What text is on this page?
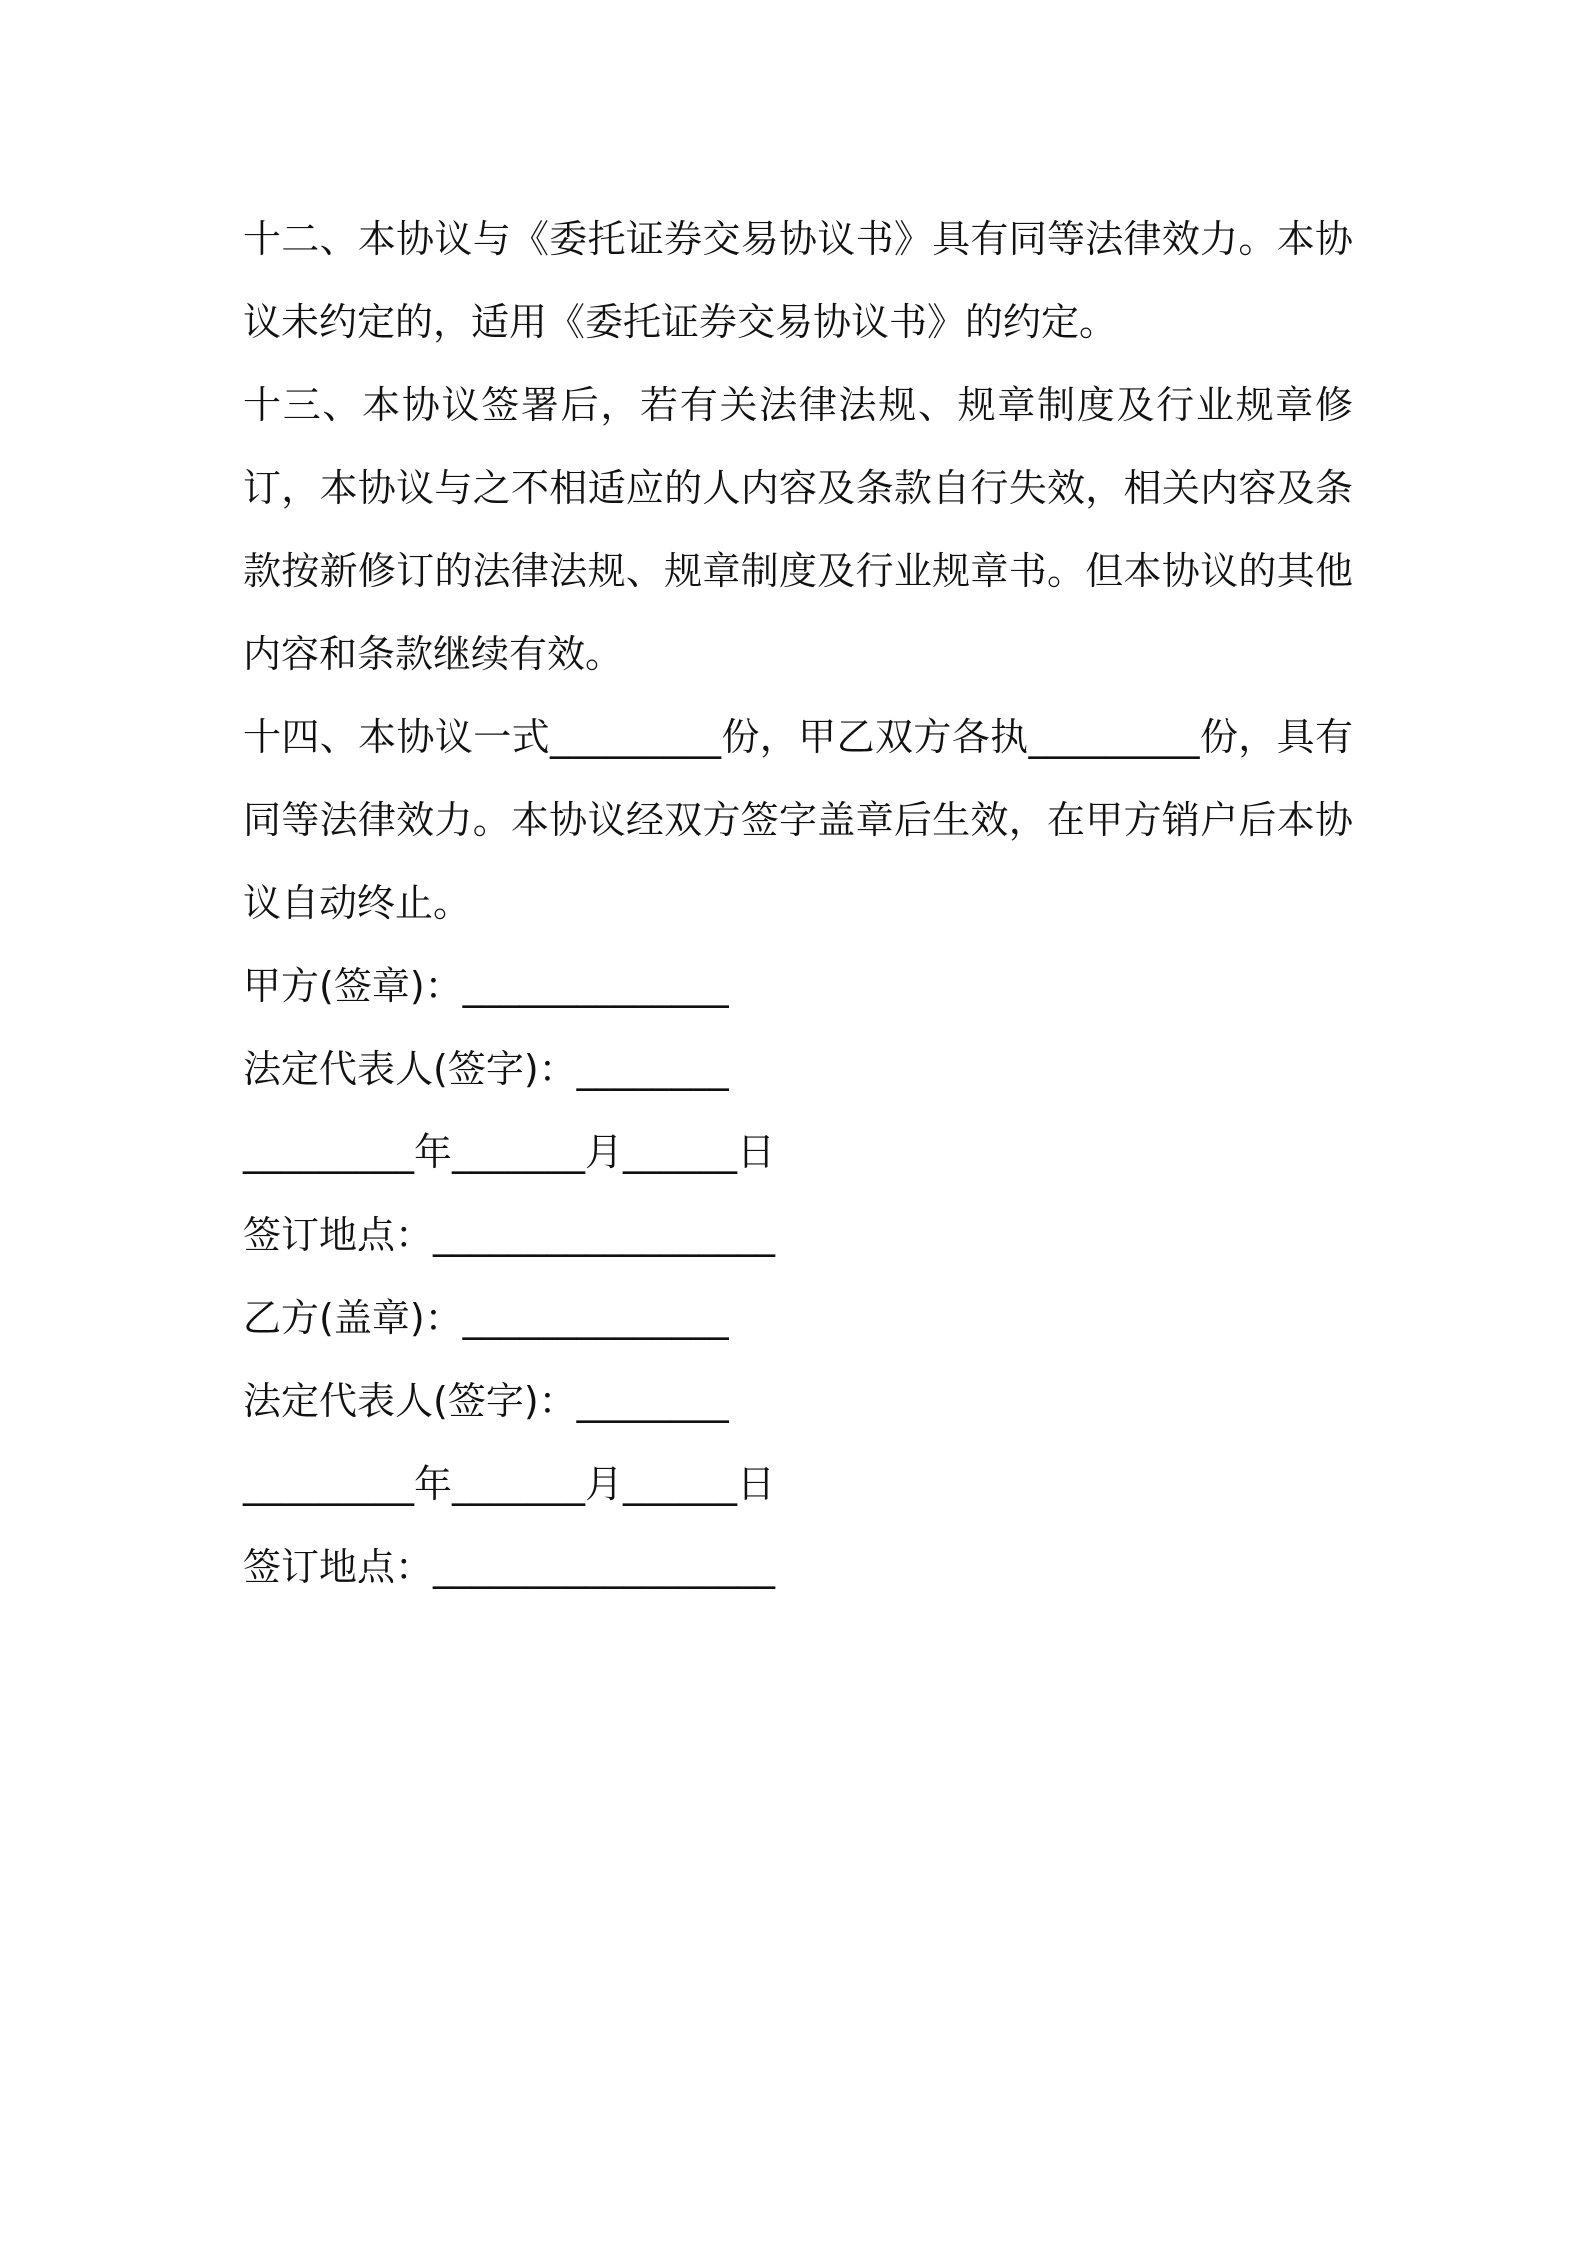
十二、本协议与《委托证券交易协议书》具有同等法律效力。本协议未约定的，适用《委托证券交易协议书》的约定。

十三、本协议签署后，若有关法律法规、规章制度及行业规章修订，本协议与之不相适应的人内容及条款自行失效，相关内容及条款按新修订的法律法规、规章制度及行业规章书。但本协议的其他内容和条款继续有效。

十四、本协议一式_________份，甲乙双方各执_________份，具有同等法律效力。本协议经双方签字盖章后生效，在甲方销户后本协议自动终止。

甲方(签章)：______________

法定代表人(签字)：________

_________年_______月______日

签订地点：__________________

乙方(盖章)：______________

法定代表人(签字)：________

_________年_______月______日

签订地点：__________________
